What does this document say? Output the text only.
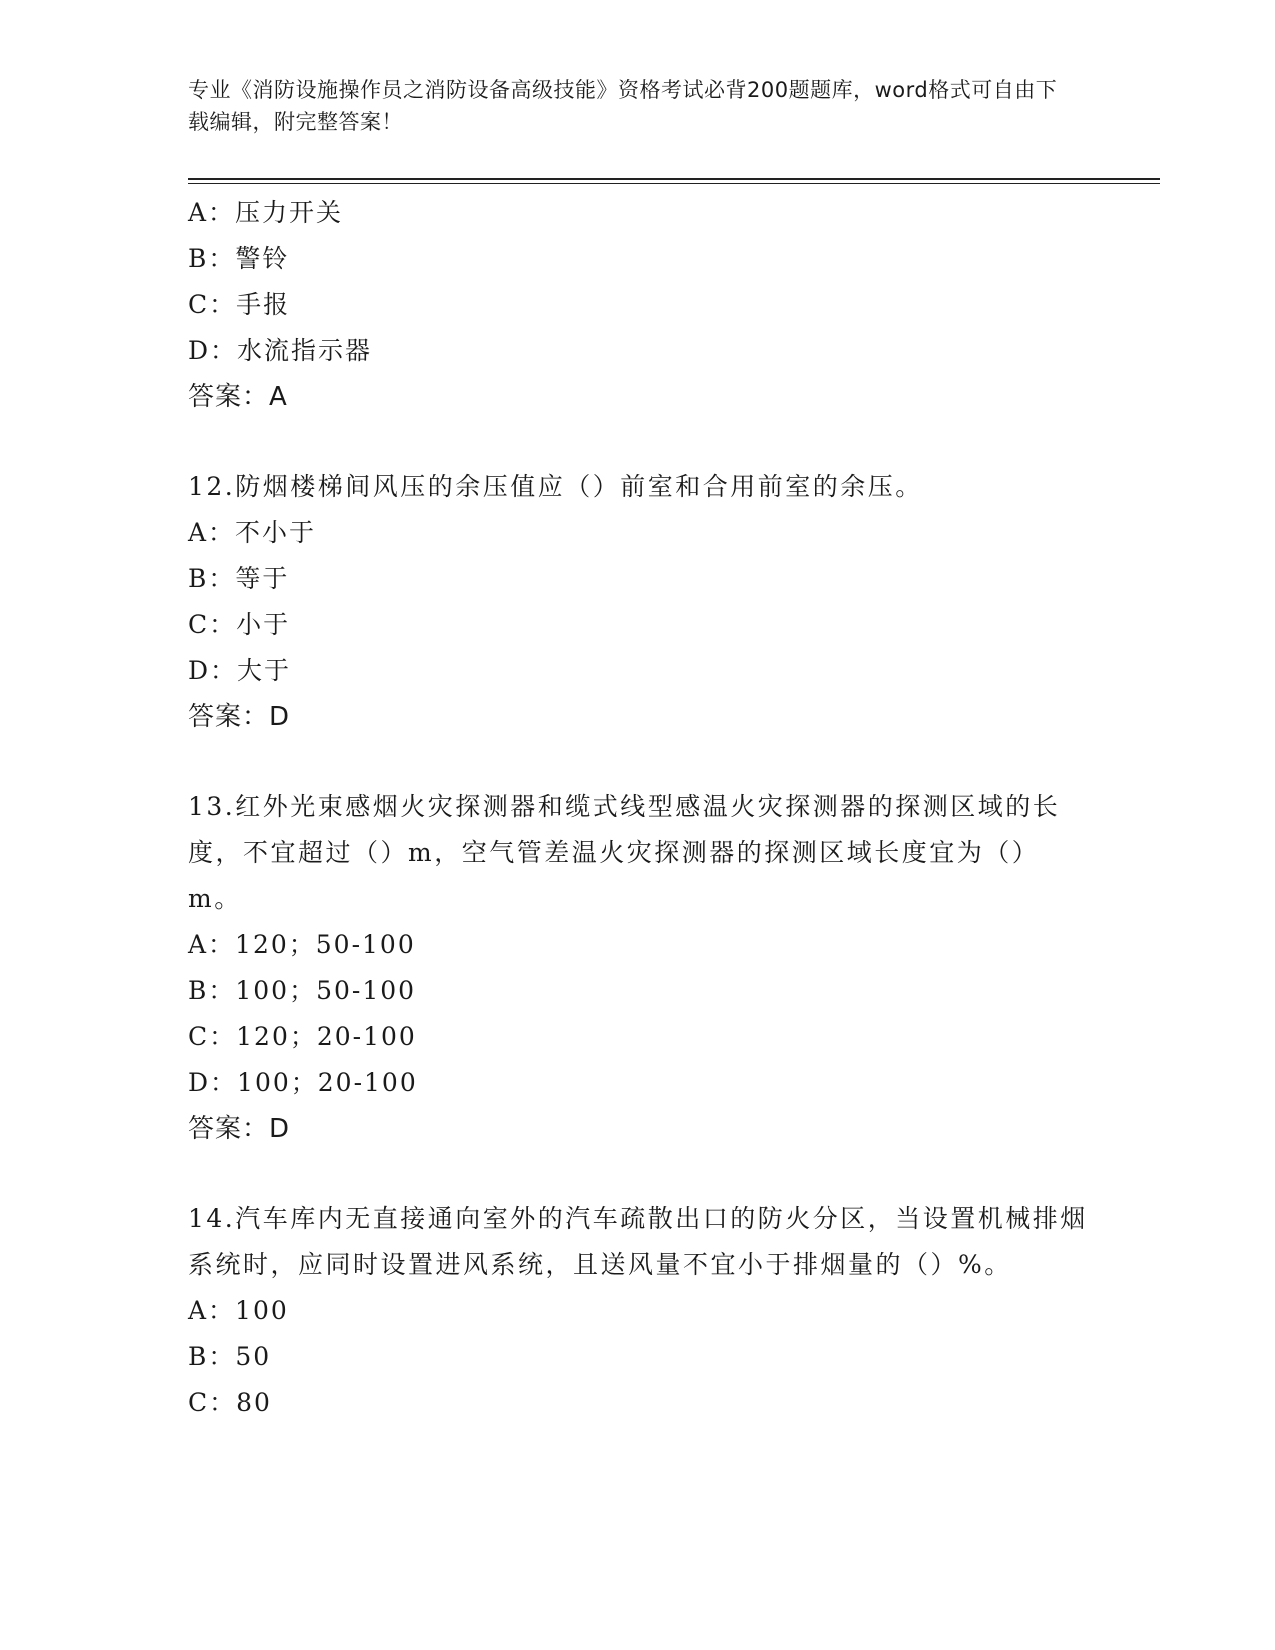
专业《消防设施操作员之消防设备高级技能》资格考试必背200题题库，word格式可自由下载编辑，附完整答案！
A：压力开关
B：警铃
C：手报
D：水流指示器
答案：A
12.防烟楼梯间风压的余压值应（）前室和合用前室的余压。
A：不小于
B：等于
C：小于
D：大于
答案：D
13.红外光束感烟火灾探测器和缆式线型感温火灾探测器的探测区域的长度，不宜超过（）m，空气管差温火灾探测器的探测区域长度宜为（）m。
A：120；50-100
B：100；50-100
C：120；20-100
D：100；20-100
答案：D
14.汽车库内无直接通向室外的汽车疏散出口的防火分区，当设置机械排烟系统时，应同时设置进风系统，且送风量不宜小于排烟量的（）%。
A：100
B：50
C：80
